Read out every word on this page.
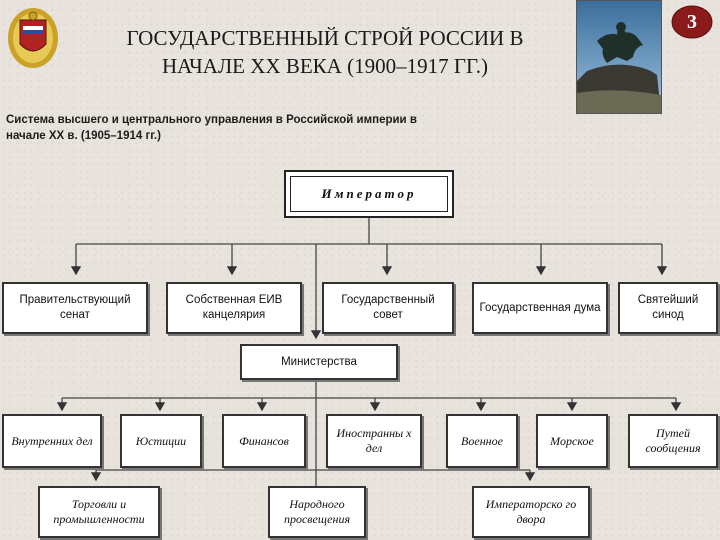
ГОСУДАРСТВЕННЫЙ СТРОЙ РОССИИ В
НАЧАЛЕ XX ВЕКА (1900–1917 ГГ.)
3
Система высшего и центрального управления в Российской империи в
начале XX в. (1905–1914 гг.)
Император
Правительствующий сенат
Собственная ЕИВ канцелярия
Государственный совет
Государственная дума
Святейший синод
Министерства
Внутренних дел	Юстиции	Финансов
Иностранны х дел
Военное	Морское
Путей сообщения
Торговли и промышленности
Народного просвещения
Императорско го двора
